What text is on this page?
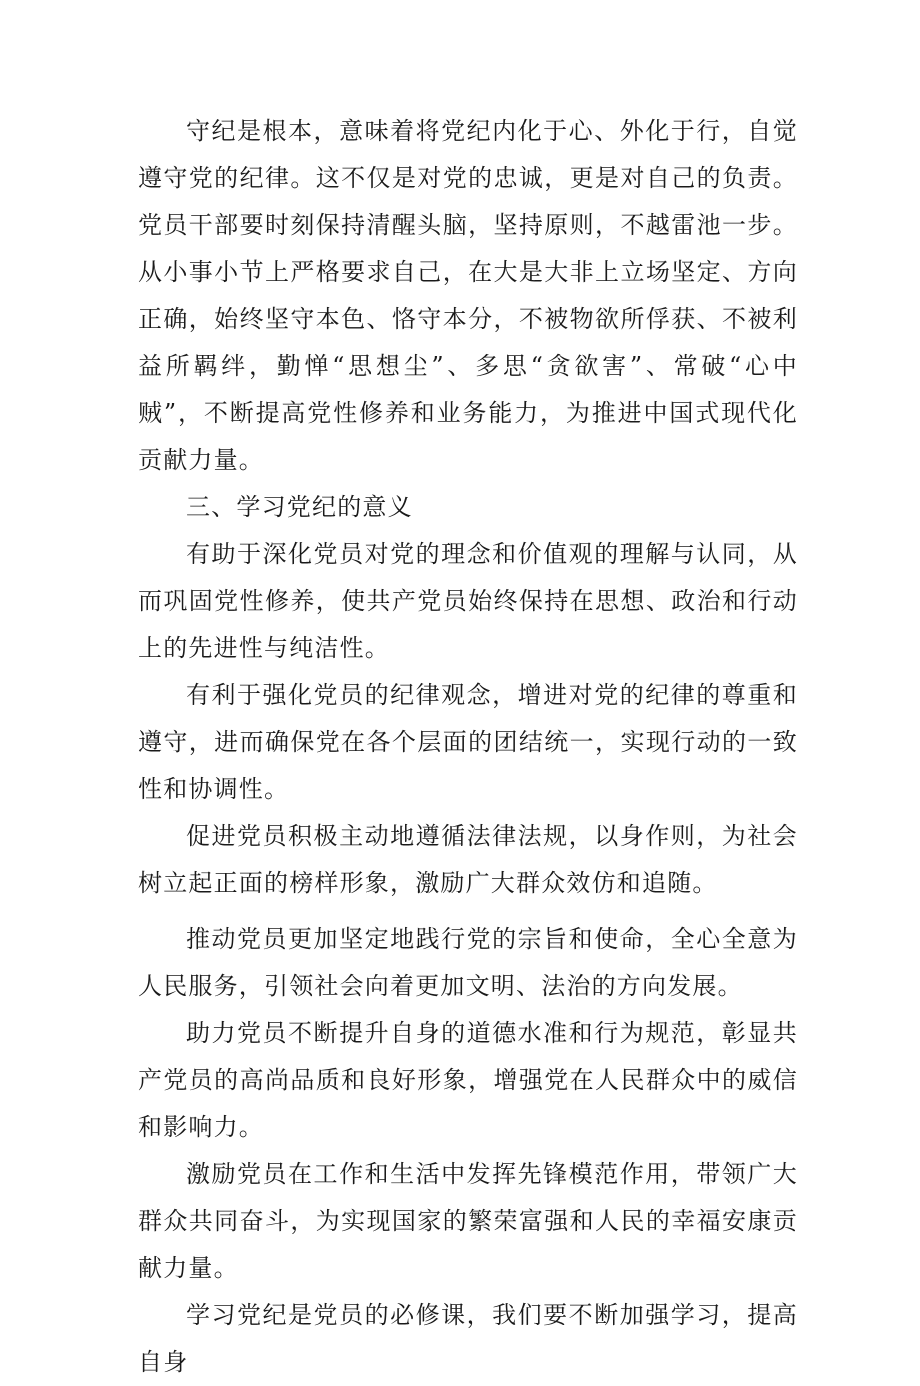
守纪是根本，意味着将党纪内化于心、外化于行，自觉遵守党的纪律。这不仅是对党的忠诚，更是对自己的负责。党员干部要时刻保持清醒头脑，坚持原则，不越雷池一步。从小事小节上严格要求自己，在大是大非上立场坚定、方向正确，始终坚守本色、恪守本分，不被物欲所俘获、不被利益所羁绊，勤惮“思想尘”、多思“贪欲害”、常破“心中贼”，不断提高党性修养和业务能力，为推进中国式现代化贡献力量。

三、学习党纪的意义

有助于深化党员对党的理念和价值观的理解与认同，从而巩固党性修养，使共产党员始终保持在思想、政治和行动上的先进性与纯洁性。

有利于强化党员的纪律观念，增进对党的纪律的尊重和遵守，进而确保党在各个层面的团结统一，实现行动的一致性和协调性。

促进党员积极主动地遵循法律法规，以身作则，为社会树立起正面的榜样形象，激励广大群众效仿和追随。

推动党员更加坚定地践行党的宗旨和使命，全心全意为人民服务，引领社会向着更加文明、法治的方向发展。

助力党员不断提升自身的道德水准和行为规范，彰显共产党员的高尚品质和良好形象，增强党在人民群众中的威信和影响力。

激励党员在工作和生活中发挥先锋模范作用，带领广大群众共同奋斗，为实现国家的繁荣富强和人民的幸福安康贡献力量。

学习党纪是党员的必修课，我们要不断加强学习，提高自身
